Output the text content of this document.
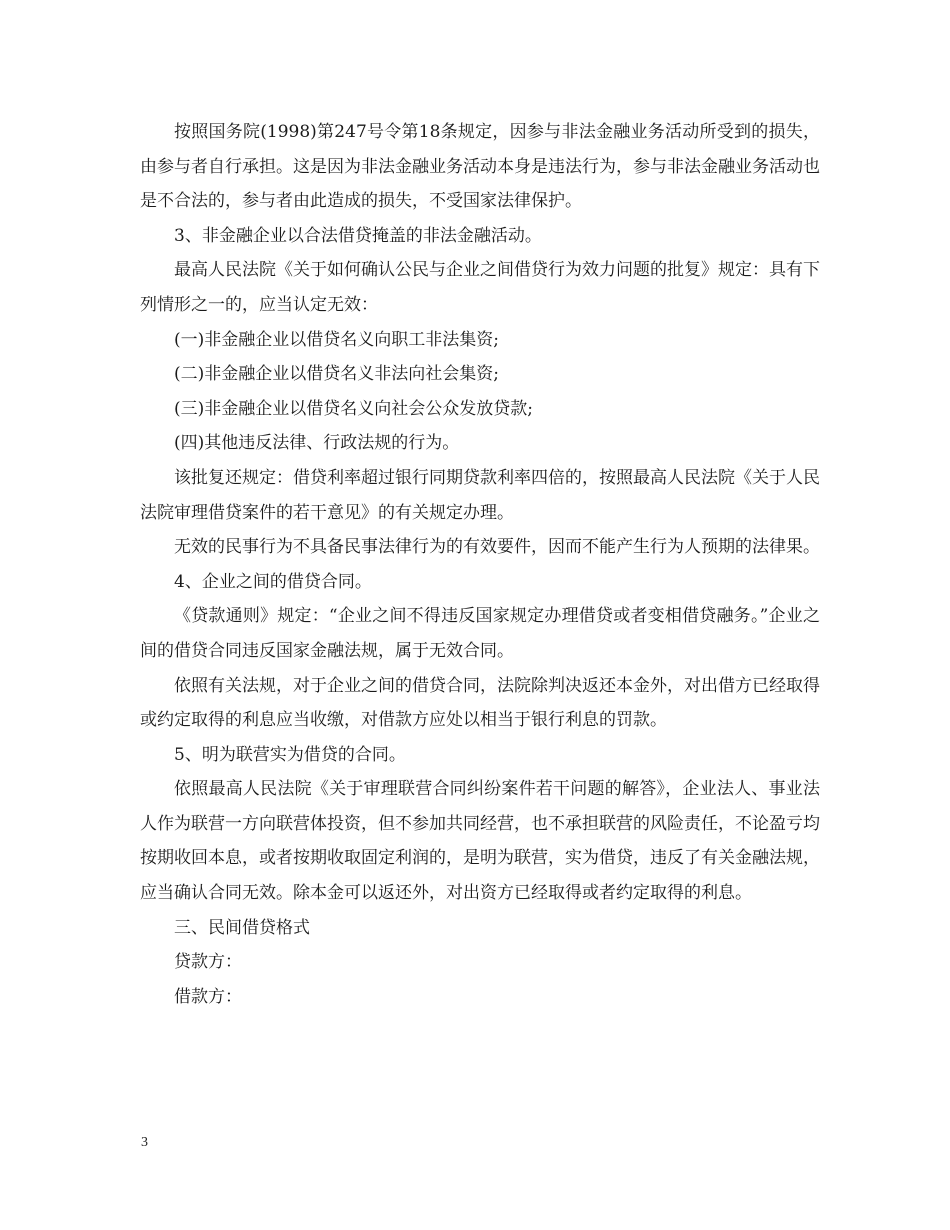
按照国务院(1998)第247号令第18条规定，因参与非法金融业务活动所受到的损失，由参与者自行承担。这是因为非法金融业务活动本身是违法行为，参与非法金融业务活动也是不合法的，参与者由此造成的损失，不受国家法律保护。

3、非金融企业以合法借贷掩盖的非法金融活动。

最高人民法院《关于如何确认公民与企业之间借贷行为效力问题的批复》规定：具有下列情形之一的，应当认定无效：

(一)非金融企业以借贷名义向职工非法集资;

(二)非金融企业以借贷名义非法向社会集资;

(三)非金融企业以借贷名义向社会公众发放贷款;

(四)其他违反法律、行政法规的行为。

该批复还规定：借贷利率超过银行同期贷款利率四倍的，按照最高人民法院《关于人民法院审理借贷案件的若干意见》的有关规定办理。

无效的民事行为不具备民事法律行为的有效要件，因而不能产生行为人预期的法律果。

4、企业之间的借贷合同。

《贷款通则》规定：“企业之间不得违反国家规定办理借贷或者变相借贷融务。”企业之间的借贷合同违反国家金融法规，属于无效合同。

依照有关法规，对于企业之间的借贷合同，法院除判决返还本金外，对出借方已经取得或约定取得的利息应当收缴，对借款方应处以相当于银行利息的罚款。

5、明为联营实为借贷的合同。

依照最高人民法院《关于审理联营合同纠纷案件若干问题的解答》，企业法人、事业法人作为联营一方向联营体投资，但不参加共同经营，也不承担联营的风险责任，不论盈亏均按期收回本息，或者按期收取固定利润的，是明为联营，实为借贷，违反了有关金融法规，应当确认合同无效。除本金可以返还外，对出资方已经取得或者约定取得的利息。

三、民间借贷格式

贷款方：

借款方：

3
